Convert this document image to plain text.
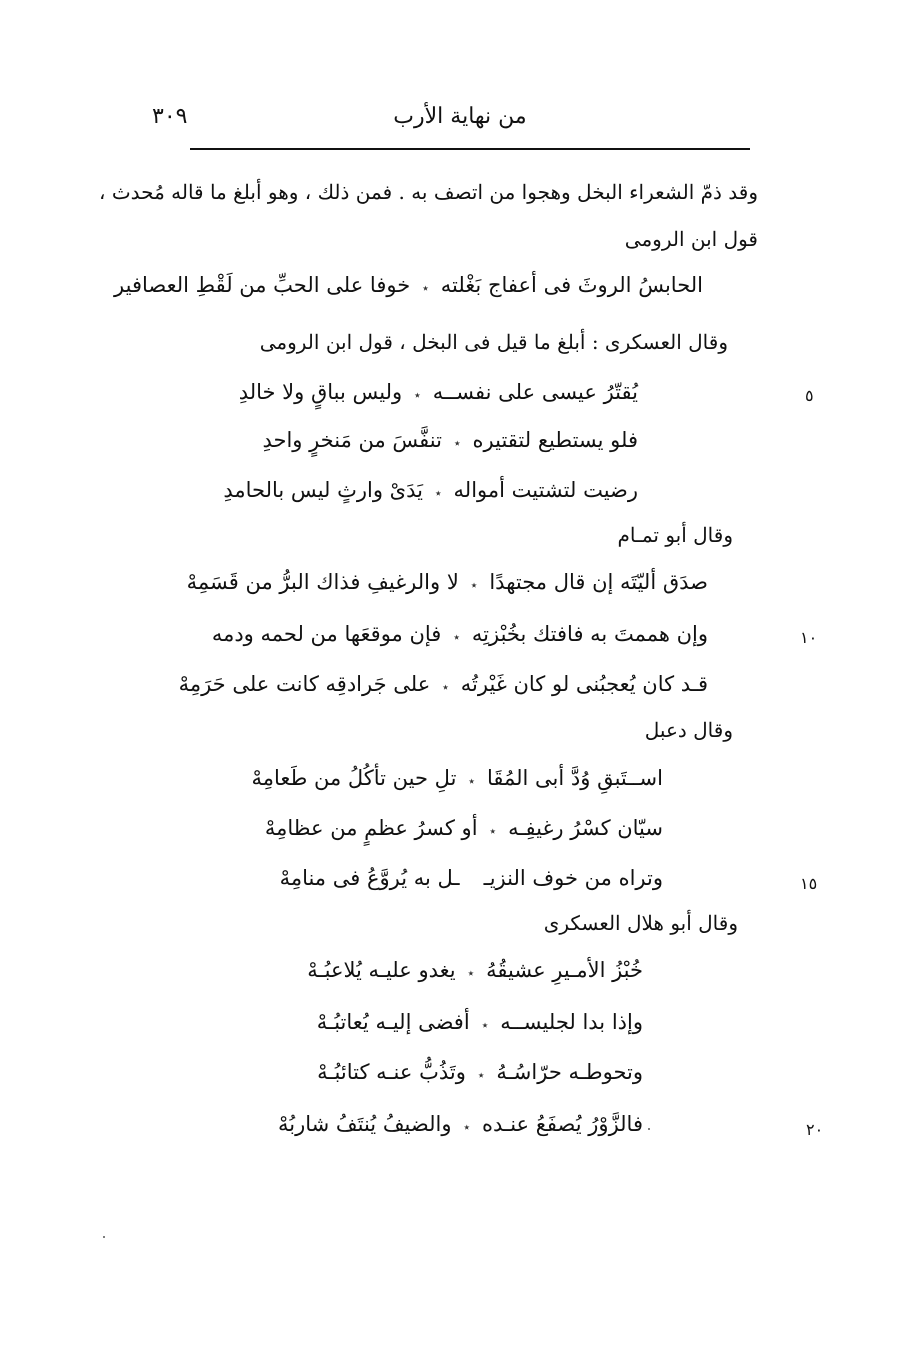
من نهاية الأرب
٣٠٩
وقد ذمّ الشعراء البخل وهجوا من اتصف به . فمن ذلك ، وهو أبلغ ما قاله مُحدث ،
قول ابن الرومى
الحابسُ الروثَ فى أعفاج بَغْلته
٭
خوفا على الحبِّ من لَقْطِ العصافير
وقال العسكرى : أبلغ ما قيل فى البخل ، قول ابن الرومى
يُقتّرُ عيسى على نفســه
٭
وليس بباقٍ ولا خالدِ	٥
فلو يستطيع لتقتيره
٭
تنفَّسَ من مَنخرٍ واحدِ
رضيت لتشتيت أمواله
٭
يَدَىْ وارثٍ ليس بالحامدِ
وقال أبو تمـام
صدَق أليّتَه إن قال مجتهدًا
٭
لا والرغيفِ فذاك البرُّ من قَسَمِهْ
وإن هممتَ به فافتك بخُبْزتِه
٭
فإن موقعَها من لحمه ودمه	١٠
قـد كان يُعجبُنى لو كان غَيْرتُه
٭
على جَرادقِه كانت على حَرَمِهْ
وقال دعبل
اســتَبقِ وُدَّ أبى المُقَا
٭
تلِ حين تأكُلُ من طَعامِهْ
سيّان كسْرُ رغيفِـه
٭
أو كسرُ عظمٍ من عظامِهْ
وتراه من خوف النزيـ
ـل به يُروَّعُ فى منامِهْ	١٥
وقال أبو هلال العسكرى
خُبْزُ الأمـيرِ عشيقُهُ
٭
يغدو عليـه يُلاعبُـهْ
وإذا بدا لجليســه
٭
أفضى إليـه يُعاتبُـهْ
وتحوطـه حرّاسُـهُ
٭
وتَذُبُّ عنـه كتائبُـهْ
فالزَّوْرُ يُصفَعُ عنـده
٭
والضيفُ يُنتَفُ شاربُهْ	٢٠
